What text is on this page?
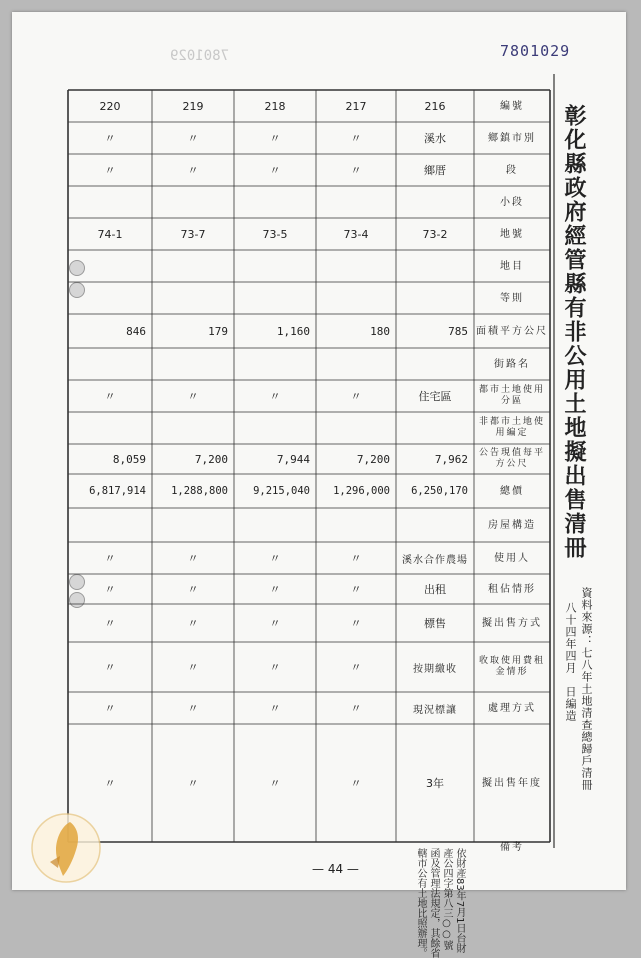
7801029	7801029
編號
鄉鎮市別
段
小段
地號
地目
等則
面積平方公尺
街路名
都市土地使用分區
非都市土地使用編定
公告現值每平方公尺
總價
房屋構造
使用人
租佔情形
擬出售方式
收取使用費租金情形
處理方式
擬出售年度
備考
216
溪水
鄉厝
73-2
785
住宅區
7,962
6,250,170
溪水合作農場
出租
標售
按期繳收
現況標讓
3年
217
〃
〃
73-4
180
〃
7,200
1,296,000
〃
〃
〃
〃
〃
〃
218
〃
〃
73-5
1,160
〃
7,944
9,215,040
〃
〃
〃
〃
〃
〃
219
〃
〃
73-7
179
〃
7,200
1,288,800
〃
〃
〃
〃
〃
〃
220
〃
〃
74-1
846
〃
8,059
6,817,914
〃
〃
〃
〃
〃
〃
依財產83年7月1日台財產公四字第八三○○號函及管理法規定，其餘省轄市公有土地比照辦理。
彰化縣政府經管縣有非公用土地擬出售清冊
資料來源：七八年土地清查總歸戶清冊
八十四年四月　日編造
— 44 —
